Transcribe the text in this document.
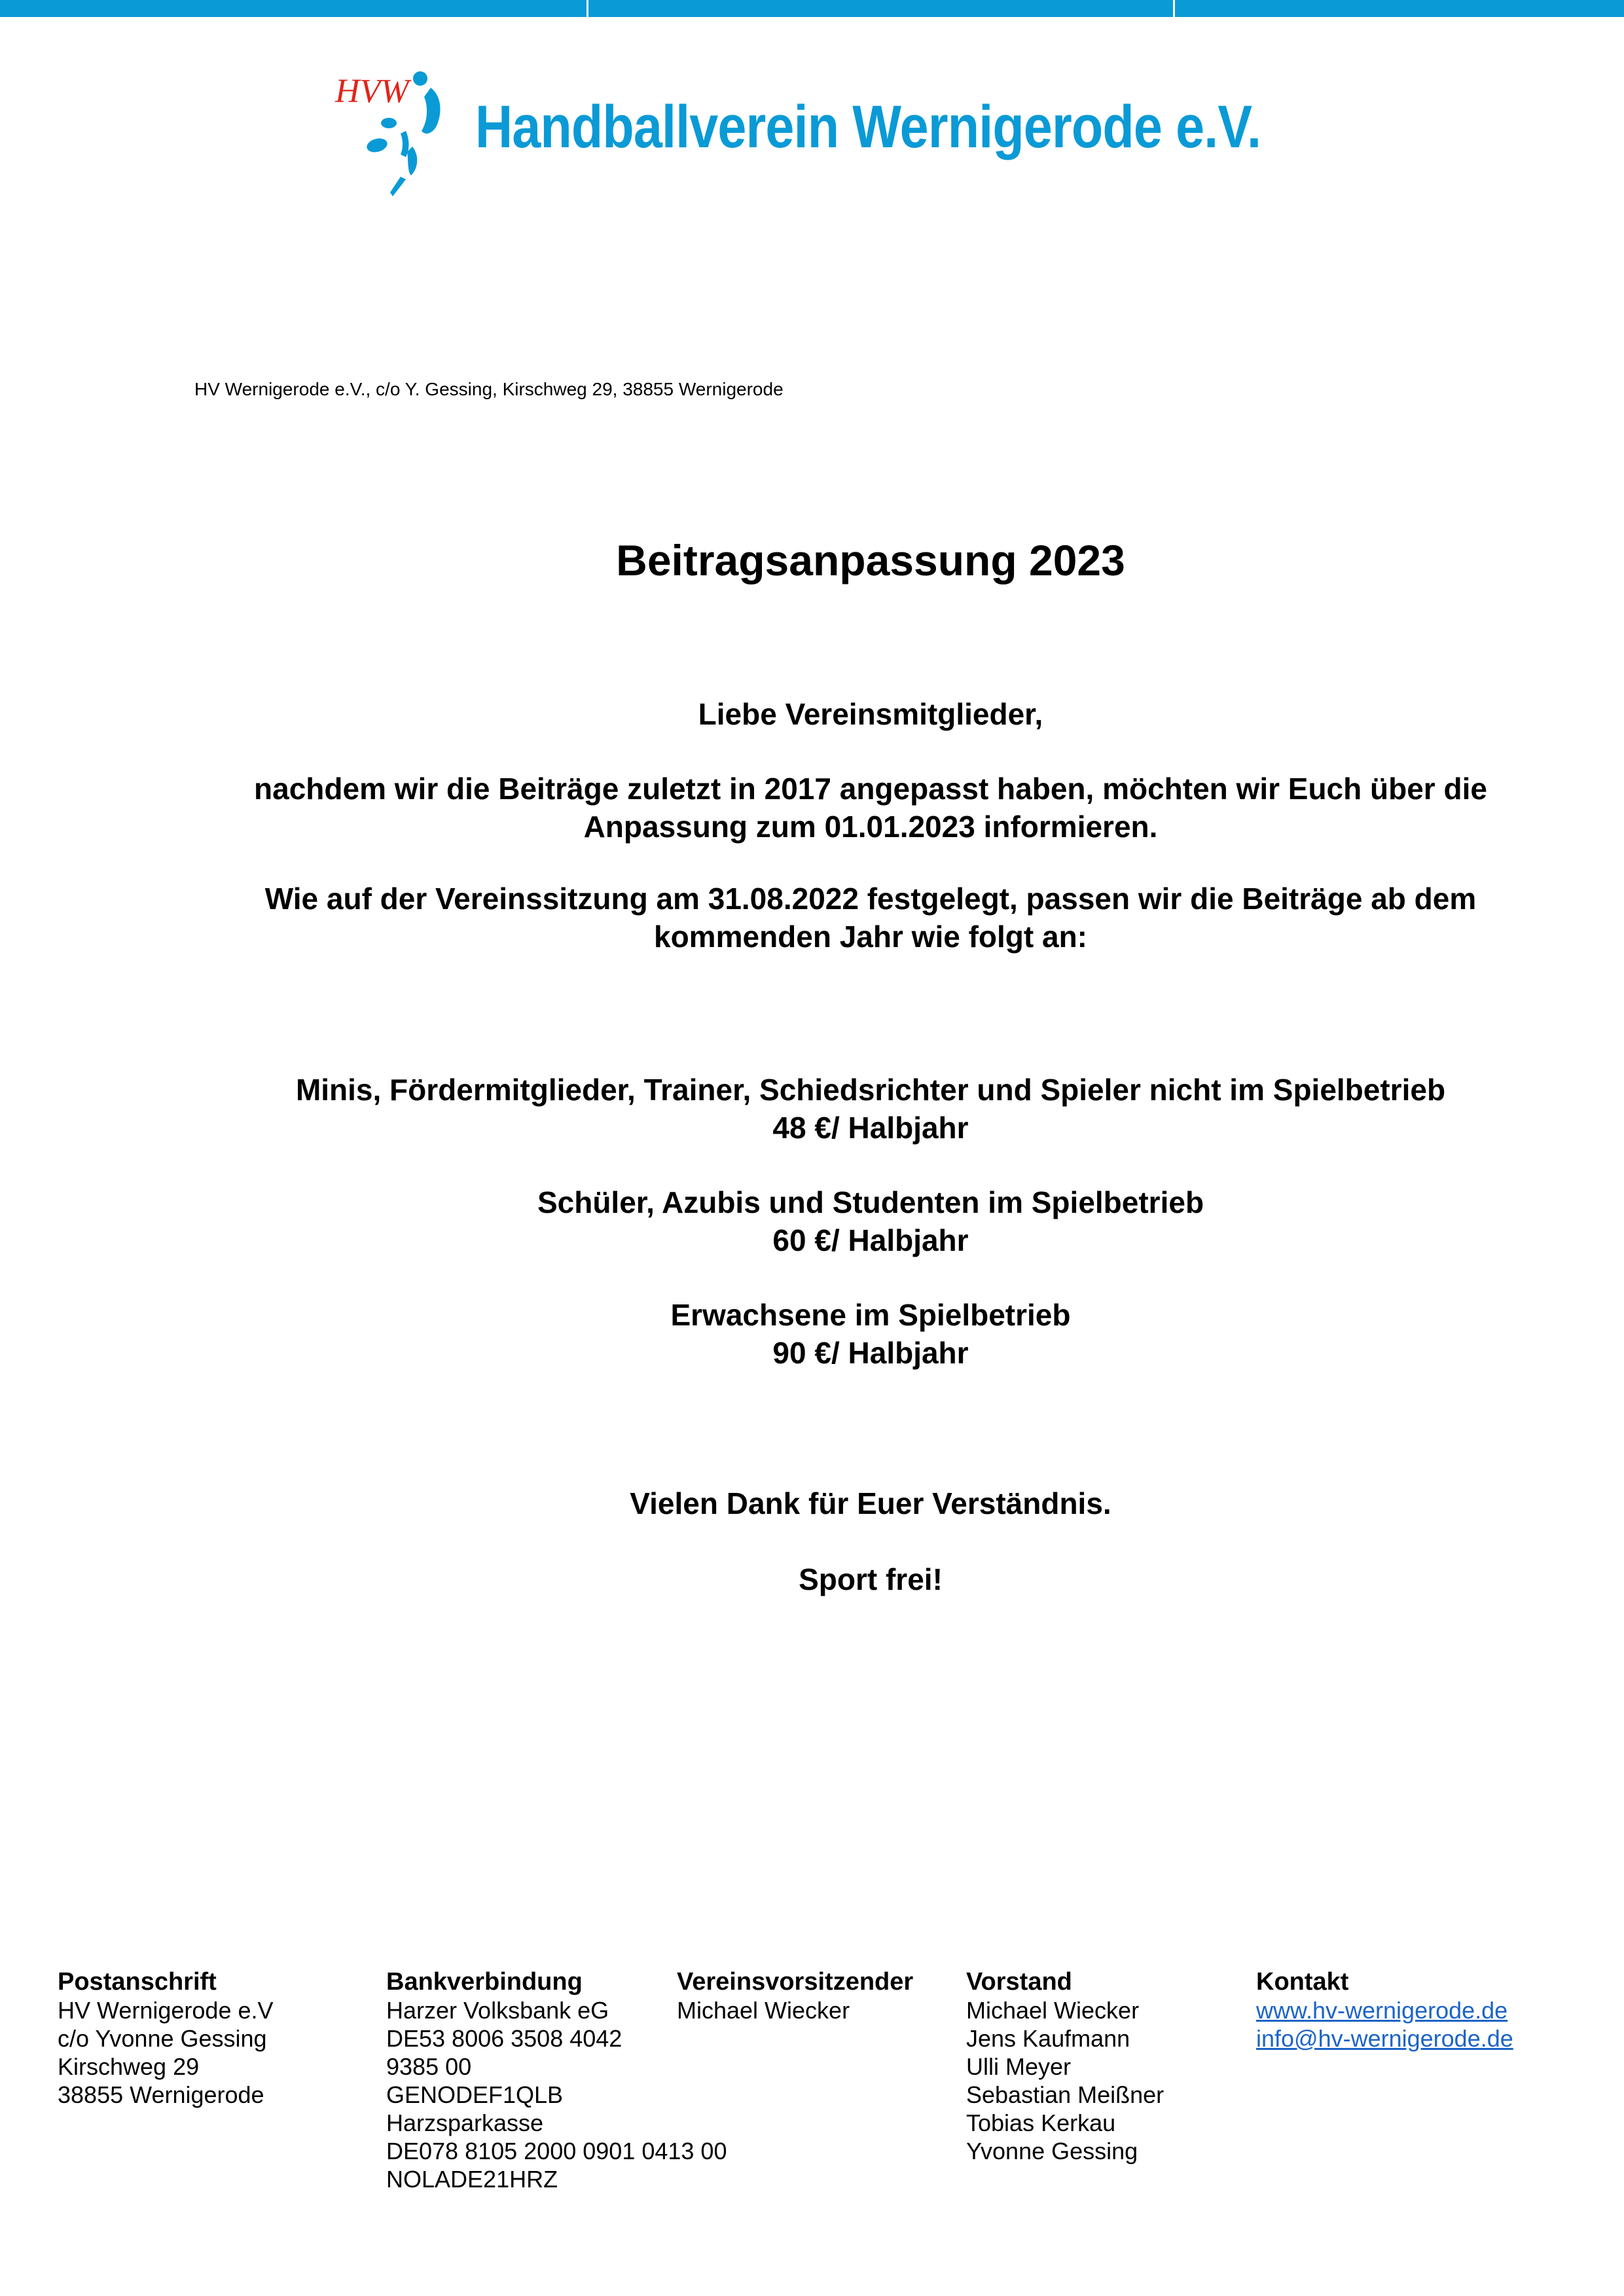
HVW
Handballverein Wernigerode e.V.
HV Wernigerode e.V., c/o Y. Gessing, Kirschweg 29, 38855 Wernigerode
Beitragsanpassung 2023
Liebe Vereinsmitglieder,
nachdem wir die Beiträge zuletzt in 2017 angepasst haben, möchten wir Euch über die
Anpassung zum 01.01.2023 informieren.
Wie auf der Vereinssitzung am 31.08.2022 festgelegt, passen wir die Beiträge ab dem
kommenden Jahr wie folgt an:
Minis, Fördermitglieder, Trainer, Schiedsrichter und Spieler nicht im Spielbetrieb
48 €/ Halbjahr
Schüler, Azubis und Studenten im Spielbetrieb
60 €/ Halbjahr
Erwachsene im Spielbetrieb
90 €/ Halbjahr
Vielen Dank für Euer Verständnis.
Sport frei!
Postanschrift
HV Wernigerode e.V
c/o Yvonne Gessing
Kirschweg 29
38855 Wernigerode
Bankverbindung
Harzer Volksbank eG
DE53 8006 3508 4042
9385 00
GENODEF1QLB
Harzsparkasse
DE078 8105 2000 0901 0413 00
NOLADE21HRZ
Vereinsvorsitzender
Michael Wiecker
Vorstand
Michael Wiecker
Jens Kaufmann
Ulli Meyer
Sebastian Meißner
Tobias Kerkau
Yvonne Gessing
Kontakt
www.hv-wernigerode.de
info@hv-wernigerode.de
